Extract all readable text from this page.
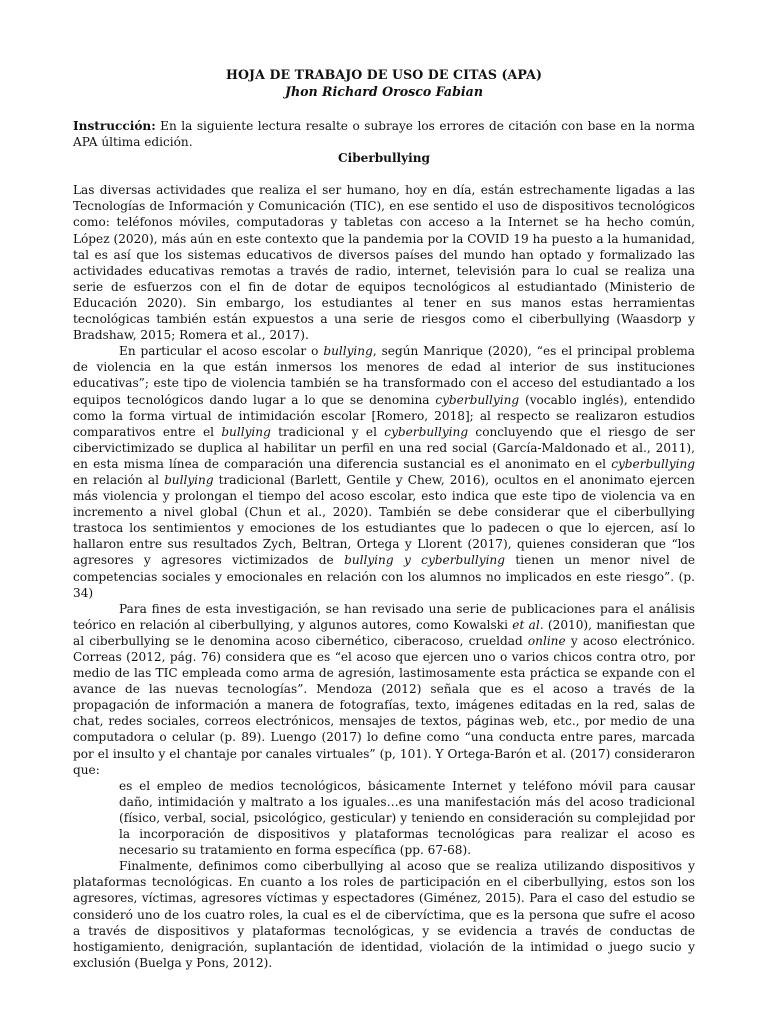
HOJA DE TRABAJO DE USO DE CITAS (APA)
Jhon Richard Orosco Fabian

Instrucción: En la siguiente lectura resalte o subraye los errores de citación con base en la norma APA última edición.

Ciberbullying

Las diversas actividades que realiza el ser humano, hoy en día, están estrechamente ligadas a las Tecnologías de Información y Comunicación (TIC), en ese sentido el uso de dispositivos tecnológicos como: teléfonos móviles, computadoras y tabletas con acceso a la Internet se ha hecho común, López (2020), más aún en este contexto que la pandemia por la COVID 19 ha puesto a la humanidad, tal es así que los sistemas educativos de diversos países del mundo han optado y formalizado las actividades educativas remotas a través de radio, internet, televisión para lo cual se realiza una serie de esfuerzos con el fin de dotar de equipos tecnológicos al estudiantado (Ministerio de Educación 2020). Sin embargo, los estudiantes al tener en sus manos estas herramientas tecnológicas también están expuestos a una serie de riesgos como el ciberbullying (Waasdorp y Bradshaw, 2015; Romera et al., 2017).

En particular el acoso escolar o bullying, según Manrique (2020), “es el principal problema de violencia en la que están inmersos los menores de edad al interior de sus instituciones educativas”; este tipo de violencia también se ha transformado con el acceso del estudiantado a los equipos tecnológicos dando lugar a lo que se denomina cyberbullying (vocablo inglés), entendido como la forma virtual de intimidación escolar [Romero, 2018]; al respecto se realizaron estudios comparativos entre el bullying tradicional y el cyberbullying concluyendo que el riesgo de ser cibervictimizado se duplica al habilitar un perfil en una red social (García-Maldonado et al., 2011), en esta misma línea de comparación una diferencia sustancial es el anonimato en el cyberbullying en relación al bullying tradicional (Barlett, Gentile y Chew, 2016), ocultos en el anonimato ejercen más violencia y prolongan el tiempo del acoso escolar, esto indica que este tipo de violencia va en incremento a nivel global (Chun et al., 2020). También se debe considerar que el ciberbullying trastoca los sentimientos y emociones de los estudiantes que lo padecen o que lo ejercen, así lo hallaron entre sus resultados Zych, Beltran, Ortega y Llorent (2017), quienes consideran que “los agresores y agresores victimizados de bullying y cyberbullying tienen un menor nivel de competencias sociales y emocionales en relación con los alumnos no implicados en este riesgo”. (p. 34)

Para fines de esta investigación, se han revisado una serie de publicaciones para el análisis teórico en relación al ciberbullying, y algunos autores, como Kowalski et al. (2010), manifiestan que al ciberbullying se le denomina acoso cibernético, ciberacoso, crueldad online y acoso electrónico. Correas (2012, pág. 76) considera que es “el acoso que ejercen uno o varios chicos contra otro, por medio de las TIC empleada como arma de agresión, lastimosamente esta práctica se expande con el avance de las nuevas tecnologías”. Mendoza (2012) señala que es el acoso a través de la propagación de información a manera de fotografías, texto, imágenes editadas en la red, salas de chat, redes sociales, correos electrónicos, mensajes de textos, páginas web, etc., por medio de una computadora o celular (p. 89). Luengo (2017) lo define como “una conducta entre pares, marcada por el insulto y el chantaje por canales virtuales” (p, 101). Y Ortega-Barón et al. (2017) consideraron que:

es el empleo de medios tecnológicos, básicamente Internet y teléfono móvil para causar daño, intimidación y maltrato a los iguales…es una manifestación más del acoso tradicional (físico, verbal, social, psicológico, gesticular) y teniendo en consideración su complejidad por la incorporación de dispositivos y plataformas tecnológicas para realizar el acoso es necesario su tratamiento en forma específica (pp. 67-68).

Finalmente, definimos como ciberbullying al acoso que se realiza utilizando dispositivos y plataformas tecnológicas. En cuanto a los roles de participación en el ciberbullying, estos son los agresores, víctimas, agresores víctimas y espectadores (Giménez, 2015). Para el caso del estudio se consideró uno de los cuatro roles, la cual es el de cibervíctima, que es la persona que sufre el acoso a través de dispositivos y plataformas tecnológicas, y se evidencia a través de conductas de hostigamiento, denigración, suplantación de identidad, violación de la intimidad o juego sucio y exclusión (Buelga y Pons, 2012).
